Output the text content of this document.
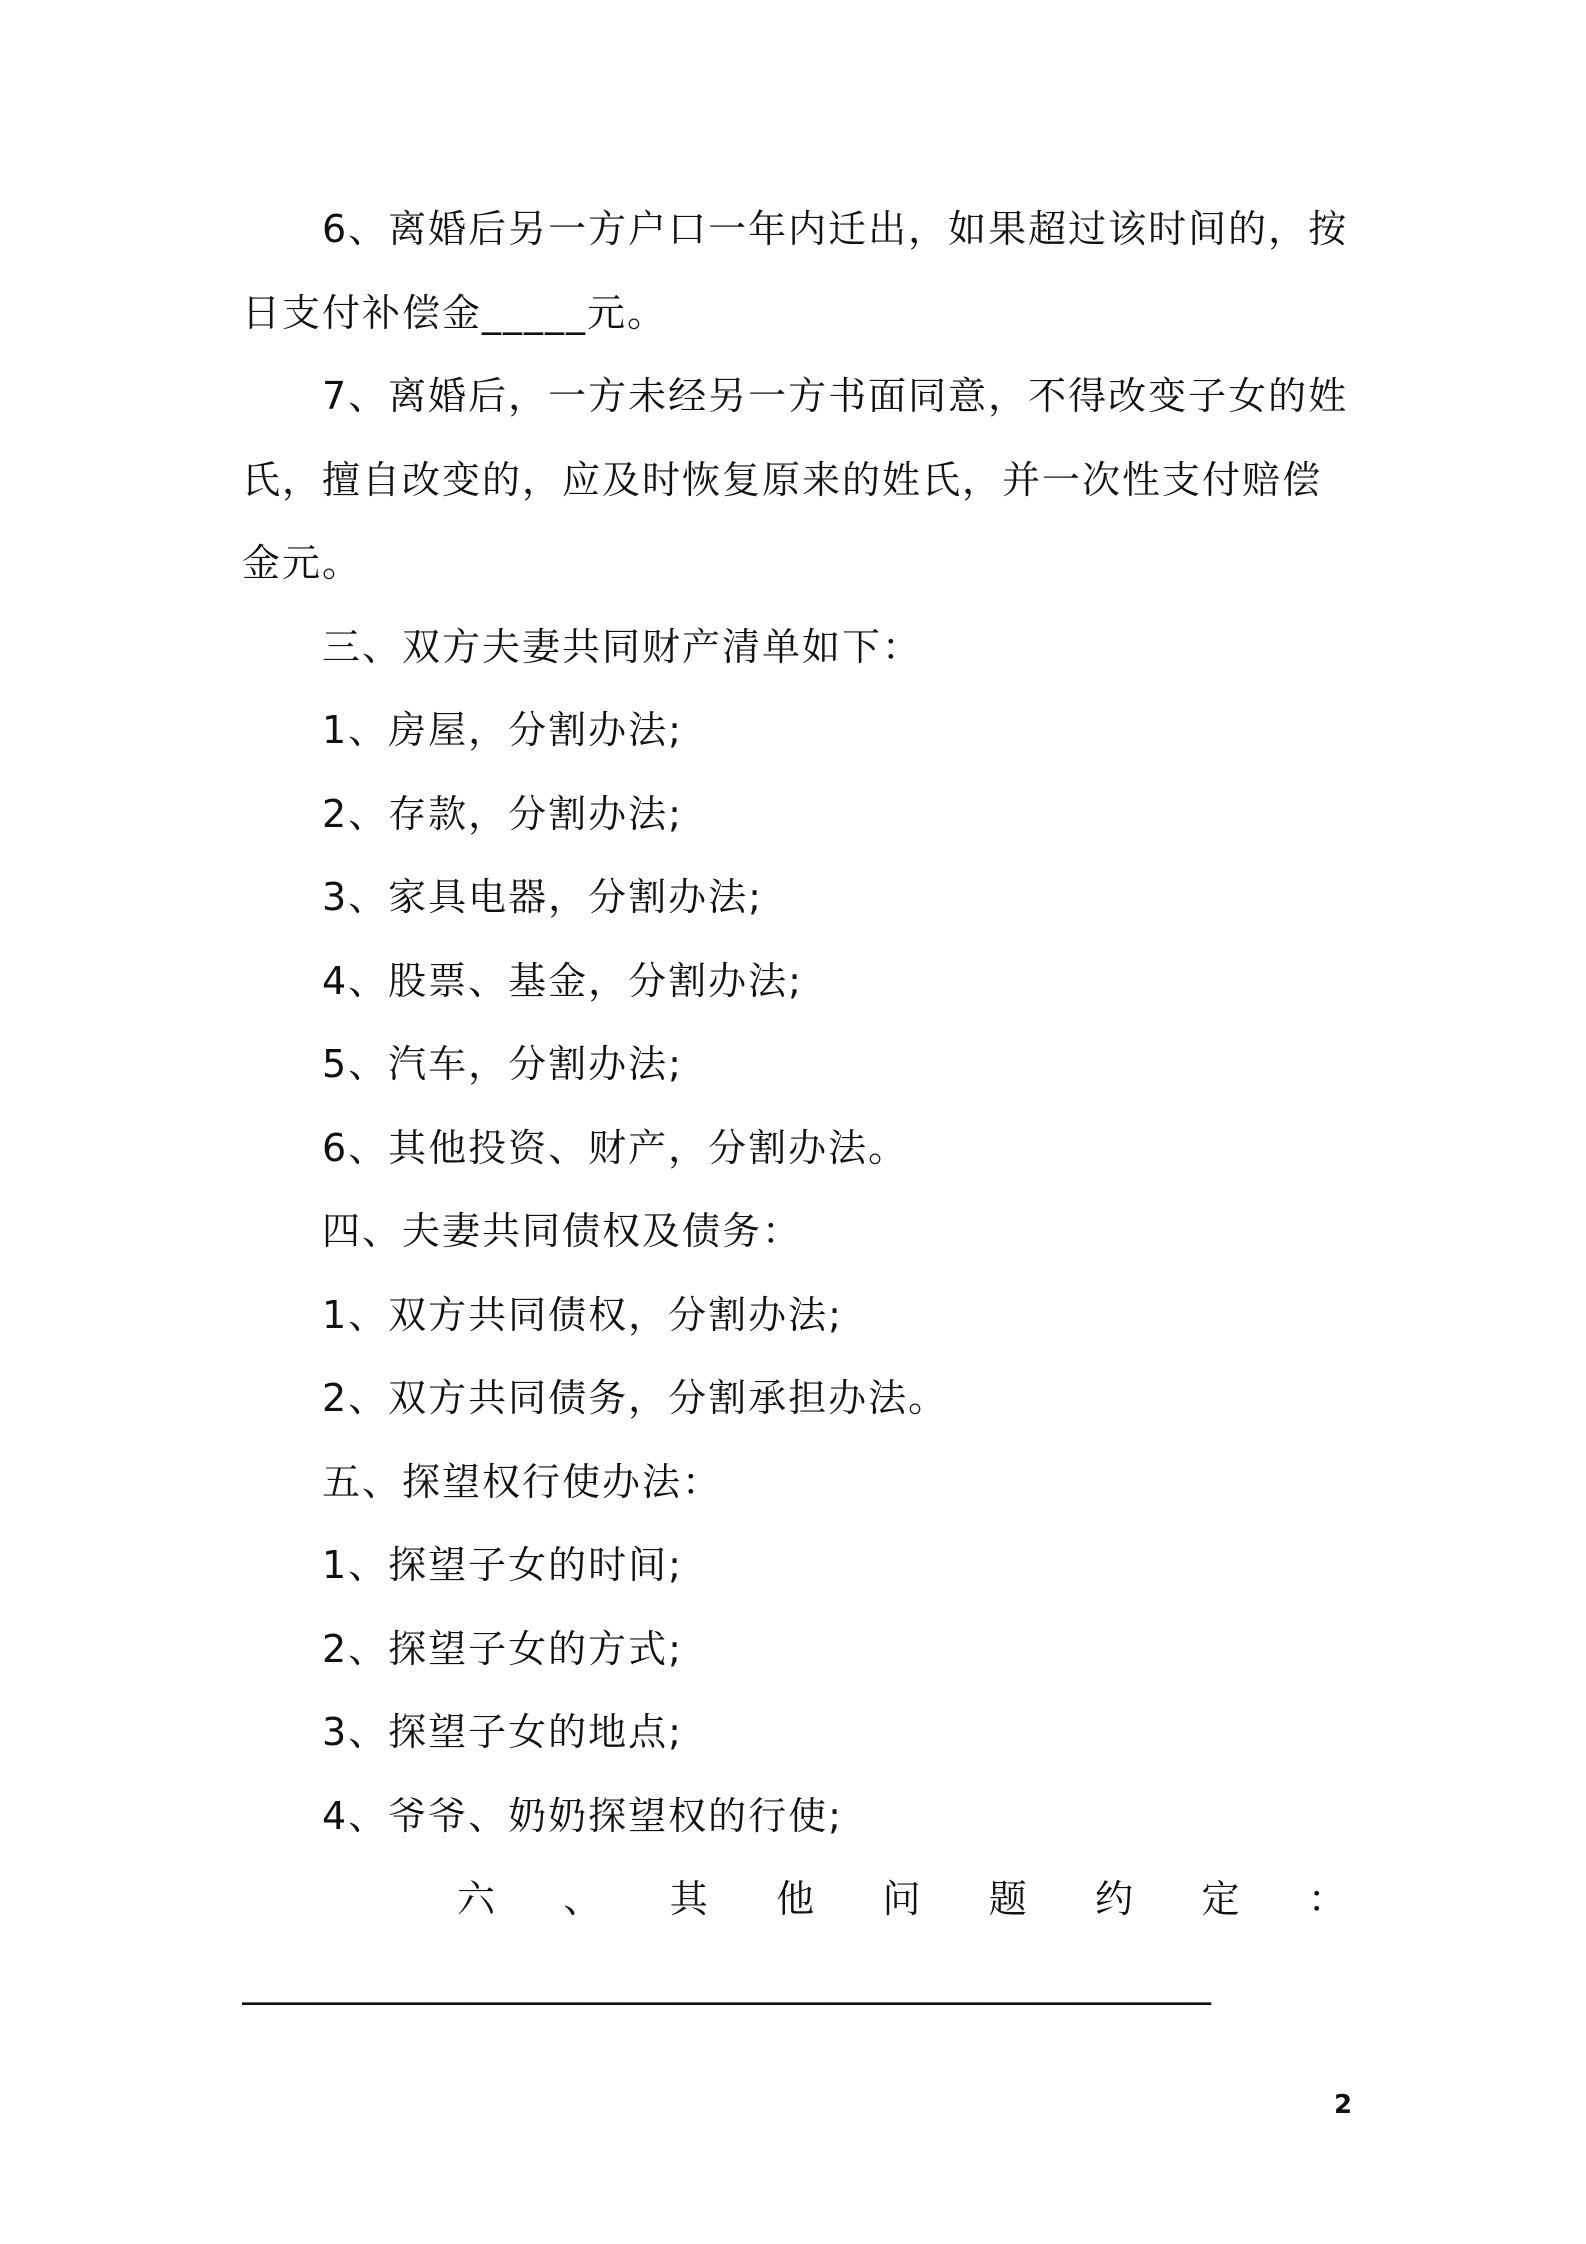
6、离婚后另一方户口一年内迁出，如果超过该时间的，按日支付补偿金_____元。

7、离婚后，一方未经另一方书面同意，不得改变子女的姓氏，擅自改变的，应及时恢复原来的姓氏，并一次性支付赔偿金元。

三、双方夫妻共同财产清单如下：

1、房屋，分割办法;

2、存款，分割办法;

3、家具电器，分割办法;

4、股票、基金，分割办法;

5、汽车，分割办法;

6、其他投资、财产，分割办法。

四、夫妻共同债权及债务：

1、双方共同债权，分割办法;

2、双方共同债务，分割承担办法。

五、探望权行使办法：

1、探望子女的时间;

2、探望子女的方式;

3、探望子女的地点;

4、爷爷、奶奶探望权的行使;

六 、 其 他 问 题 约 定 ：
___________________________________________________
2
